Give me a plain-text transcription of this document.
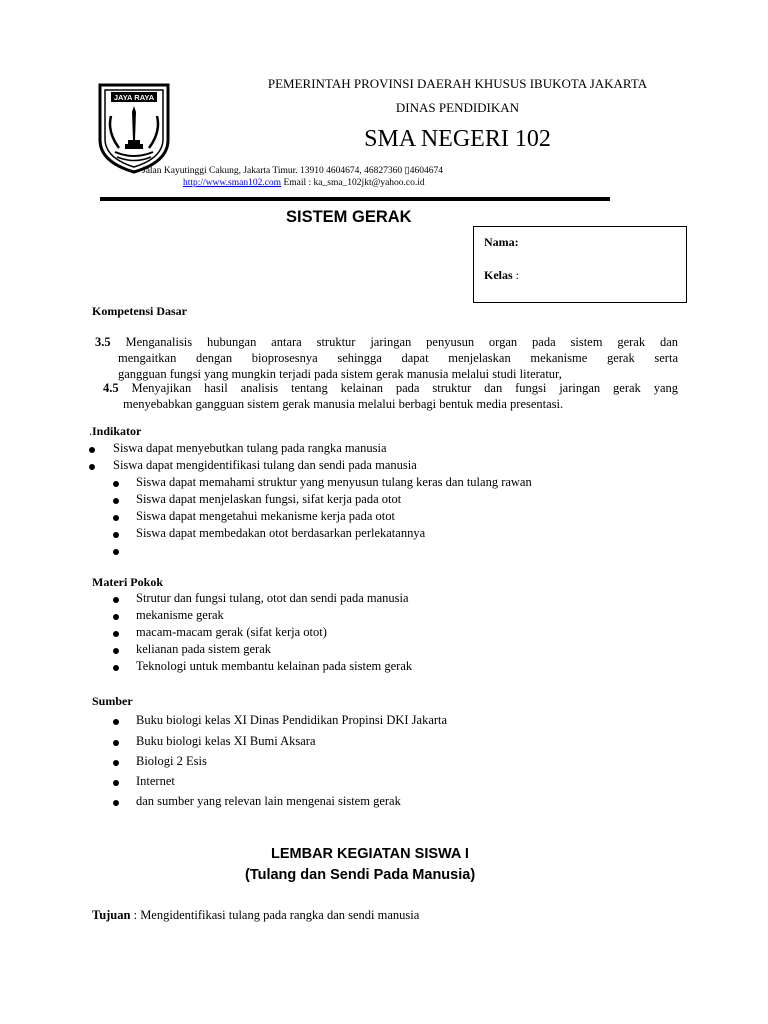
JAYA RAYA
PEMERINTAH PROVINSI DAERAH KHUSUS IBUKOTA JAKARTA
DINAS PENDIDIKAN
SMA NEGERI 102
Jalan Kayutinggi Cakung, Jakarta Timur. 13910 4604674, 46827360 ▯4604674
http://www.sman102.com Email : ka_sma_102jkt@yahoo.co.id
SISTEM GERAK
Nama:
Kelas :
Kompetensi Dasar
3.5 Menganalisis hubungan antara struktur jaringan penyusun organ pada sistem gerak dan
mengaitkan dengan bioprosesnya sehingga dapat menjelaskan mekanisme gerak serta
gangguan fungsi yang mungkin terjadi pada sistem gerak manusia melalui studi literatur,
4.5 Menyajikan hasil analisis tentang kelainan pada struktur dan fungsi jaringan gerak yang
menyebabkan gangguan sistem gerak manusia melalui berbagi bentuk media presentasi.
.Indikator
Siswa dapat menyebutkan tulang pada rangka manusia
Siswa dapat mengidentifikasi tulang dan sendi pada manusia
Siswa dapat memahami struktur yang menyusun tulang keras dan tulang rawan
Siswa dapat menjelaskan fungsi, sifat kerja pada otot
Siswa dapat mengetahui mekanisme kerja pada otot
Siswa dapat membedakan otot berdasarkan perlekatannya
Materi Pokok
Strutur dan fungsi tulang, otot dan sendi pada manusia
mekanisme gerak
macam-macam gerak (sifat kerja otot)
kelianan pada sistem gerak
Teknologi untuk membantu kelainan pada sistem gerak
Sumber
Buku biologi kelas XI Dinas Pendidikan Propinsi DKI Jakarta
Buku biologi kelas XI Bumi Aksara
Biologi 2 Esis
Internet
dan sumber yang relevan lain mengenai sistem gerak
LEMBAR KEGIATAN SISWA I
(Tulang dan Sendi Pada Manusia)
Tujuan : Mengidentifikasi tulang pada rangka dan sendi manusia
